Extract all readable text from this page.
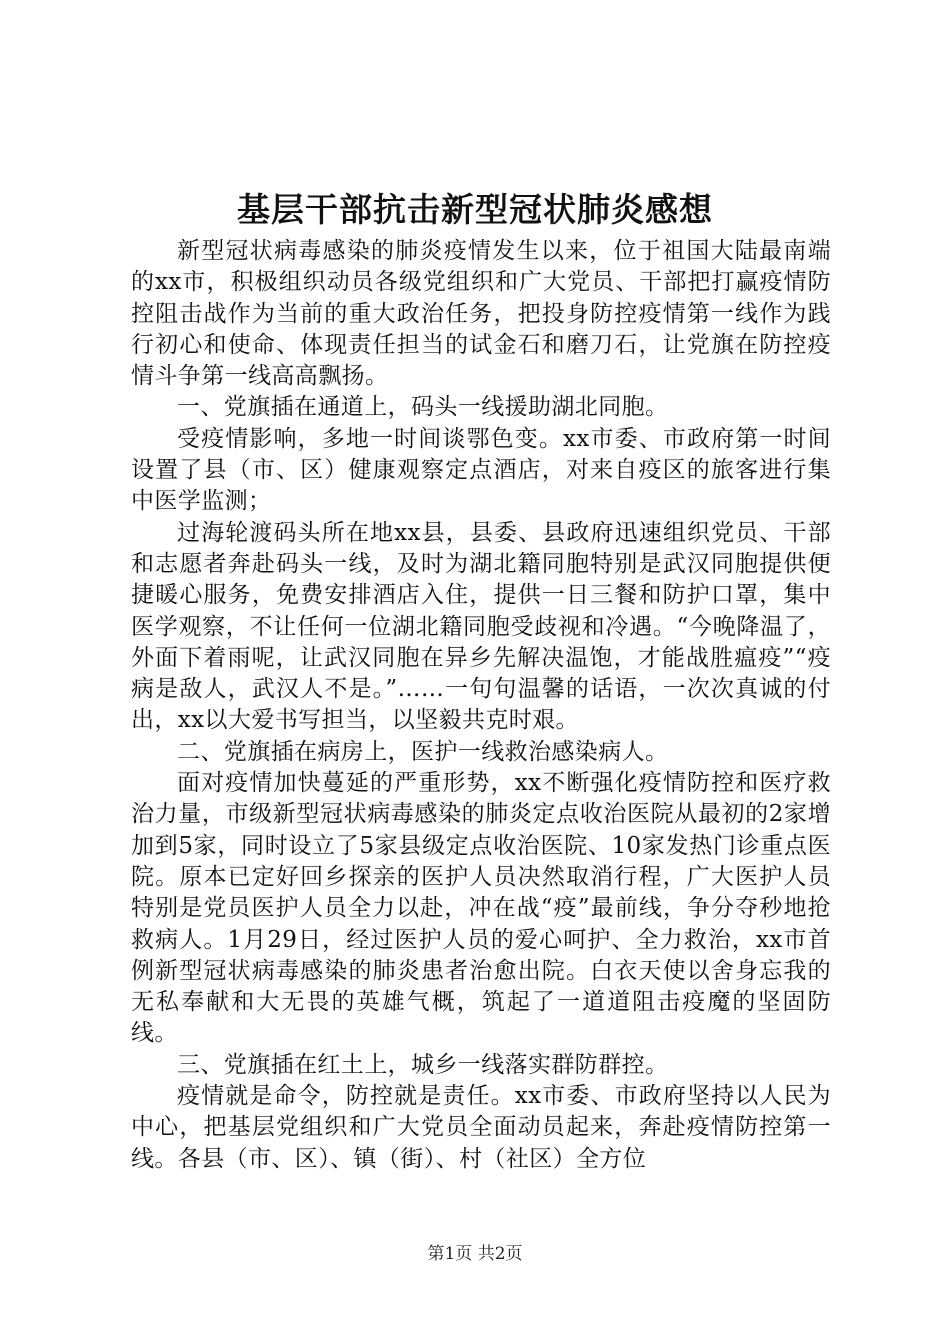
基层干部抗击新型冠状肺炎感想

新型冠状病毒感染的肺炎疫情发生以来，位于祖国大陆最南端的xx市，积极组织动员各级党组织和广大党员、干部把打赢疫情防控阻击战作为当前的重大政治任务，把投身防控疫情第一线作为践行初心和使命、体现责任担当的试金石和磨刀石，让党旗在防控疫情斗争第一线高高飘扬。

一、党旗插在通道上，码头一线援助湖北同胞。

受疫情影响，多地一时间谈鄂色变。xx市委、市政府第一时间设置了县（市、区）健康观察定点酒店，对来自疫区的旅客进行集中医学监测；

过海轮渡码头所在地xx县，县委、县政府迅速组织党员、干部和志愿者奔赴码头一线，及时为湖北籍同胞特别是武汉同胞提供便捷暖心服务，免费安排酒店入住，提供一日三餐和防护口罩，集中医学观察，不让任何一位湖北籍同胞受歧视和冷遇。“今晚降温了，外面下着雨呢，让武汉同胞在异乡先解决温饱，才能战胜瘟疫”“疫病是敌人，武汉人不是。”……一句句温馨的话语，一次次真诚的付出，xx以大爱书写担当，以坚毅共克时艰。

二、党旗插在病房上，医护一线救治感染病人。

面对疫情加快蔓延的严重形势，xx不断强化疫情防控和医疗救治力量，市级新型冠状病毒感染的肺炎定点收治医院从最初的2家增加到5家，同时设立了5家县级定点收治医院、10家发热门诊重点医院。原本已定好回乡探亲的医护人员决然取消行程，广大医护人员特别是党员医护人员全力以赴，冲在战“疫”最前线，争分夺秒地抢救病人。1月29日，经过医护人员的爱心呵护、全力救治，xx市首例新型冠状病毒感染的肺炎患者治愈出院。白衣天使以舍身忘我的无私奉献和大无畏的英雄气概，筑起了一道道阻击疫魔的坚固防线。

三、党旗插在红土上，城乡一线落实群防群控。

疫情就是命令，防控就是责任。xx市委、市政府坚持以人民为中心，把基层党组织和广大党员全面动员起来，奔赴疫情防控第一线。各县（市、区）、镇（街）、村（社区）全方位

第1页 共2页
